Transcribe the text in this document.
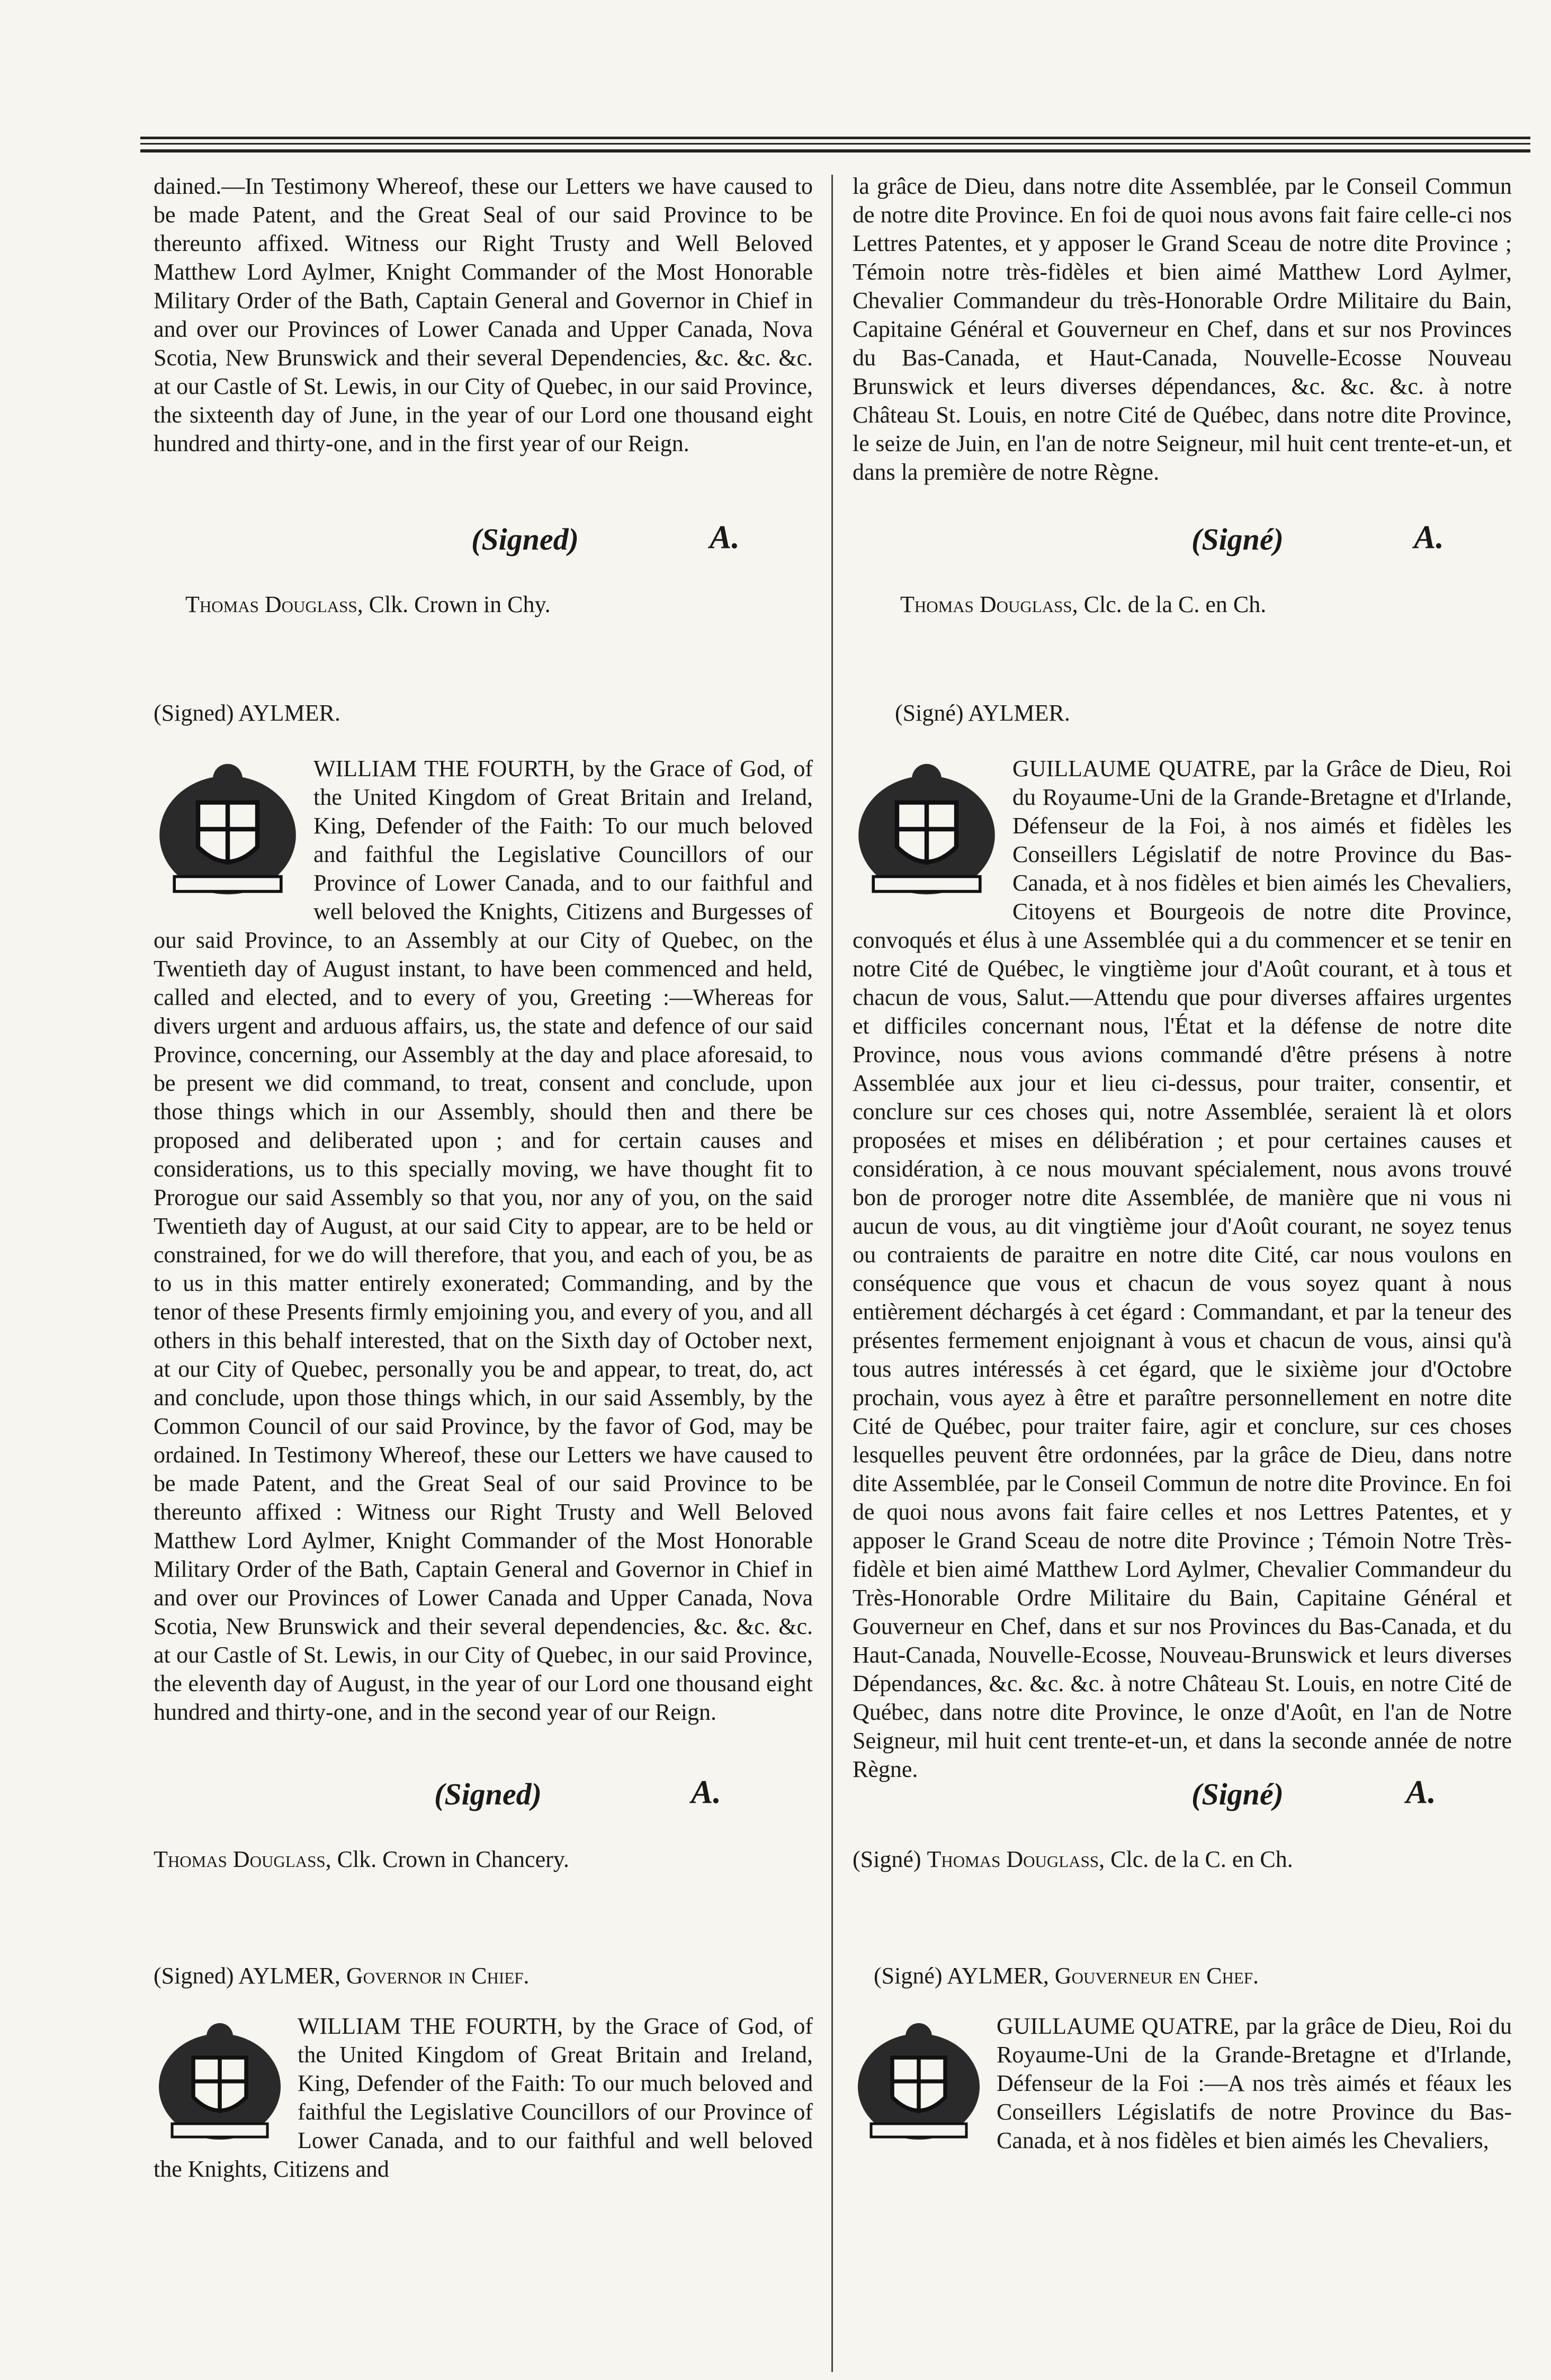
dained.—In Testimony Whereof, these our Letters we have caused to be made Patent, and the Great Seal of our said Province to be thereunto affixed. Witness our Right Trusty and Well Beloved Matthew Lord Aylmer, Knight Commander of the Most Honorable Military Order of the Bath, Captain General and Governor in Chief in and over our Provinces of Lower Canada and Upper Canada, Nova Scotia, New Brunswick and their several Dependencies, &c. &c. &c. at our Castle of St. Lewis, in our City of Quebec, in our said Province, the sixteenth day of June, in the year of our Lord one thousand eight hundred and thirty-one, and in the first year of our Reign.

(Signed)	A.
Thomas Douglass, Clk. Crown in Chy.
(Signed) AYLMER.

WILLIAM THE FOURTH, by the Grace of God, of the United Kingdom of Great Britain and Ireland, King, Defender of the Faith: To our much beloved and faithful the Legislative Councillors of our Province of Lower Canada, and to our faithful and well beloved the Knights, Citizens and Burgesses of our said Province, to an Assembly at our City of Quebec, on the Twentieth day of August instant, to have been commenced and held, called and elected, and to every of you, Greeting :—Whereas for divers urgent and arduous affairs, us, the state and defence of our said Province, concerning, our Assembly at the day and place aforesaid, to be present we did command, to treat, consent and conclude, upon those things which in our Assembly, should then and there be proposed and deliberated upon ; and for certain causes and considerations, us to this specially moving, we have thought fit to Prorogue our said Assembly so that you, nor any of you, on the said Twentieth day of August, at our said City to appear, are to be held or constrained, for we do will therefore, that you, and each of you, be as to us in this matter entirely exonerated; Commanding, and by the tenor of these Presents firmly emjoining you, and every of you, and all others in this behalf interested, that on the Sixth day of October next, at our City of Quebec, personally you be and appear, to treat, do, act and conclude, upon those things which, in our said Assembly, by the Common Council of our said Province, by the favor of God, may be ordained. In Testimony Whereof, these our Letters we have caused to be made Patent, and the Great Seal of our said Province to be thereunto affixed : Witness our Right Trusty and Well Beloved Matthew Lord Aylmer, Knight Commander of the Most Honorable Military Order of the Bath, Captain General and Governor in Chief in and over our Provinces of Lower Canada and Upper Canada, Nova Scotia, New Brunswick and their several dependencies, &c. &c. &c. at our Castle of St. Lewis, in our City of Quebec, in our said Province, the eleventh day of August, in the year of our Lord one thousand eight hundred and thirty-one, and in the second year of our Reign.

(Signed)	A.
Thomas Douglass, Clk. Crown in Chancery.
(Signed) AYLMER, Governor in Chief.

WILLIAM THE FOURTH, by the Grace of God, of the United Kingdom of Great Britain and Ireland, King, Defender of the Faith: To our much beloved and faithful the Legislative Councillors of our Province of Lower Canada, and to our faithful and well beloved the Knights, Citizens and

la grâce de Dieu, dans notre dite Assemblée, par le Conseil Commun de notre dite Province. En foi de quoi nous avons fait faire celle-ci nos Lettres Patentes, et y apposer le Grand Sceau de notre dite Province ; Témoin notre très-fidèles et bien aimé Matthew Lord Aylmer, Chevalier Commandeur du très-Honorable Ordre Militaire du Bain, Capitaine Général et Gouverneur en Chef, dans et sur nos Provinces du Bas-Canada, et Haut-Canada, Nouvelle-Ecosse Nouveau Brunswick et leurs diverses dépendances, &c. &c. &c. à notre Château St. Louis, en notre Cité de Québec, dans notre dite Province, le seize de Juin, en l'an de notre Seigneur, mil huit cent trente-et-un, et dans la première de notre Règne.

(Signé)	A.
Thomas Douglass, Clc. de la C. en Ch.
(Signé) AYLMER.

GUILLAUME QUATRE, par la Grâce de Dieu, Roi du Royaume-Uni de la Grande-Bretagne et d'Irlande, Défenseur de la Foi, à nos aimés et fidèles les Conseillers Législatif de notre Province du Bas-Canada, et à nos fidèles et bien aimés les Chevaliers, Citoyens et Bourgeois de notre dite Province, convoqués et élus à une Assemblée qui a du commencer et se tenir en notre Cité de Québec, le vingtième jour d'Août courant, et à tous et chacun de vous, Salut.—Attendu que pour diverses affaires urgentes et difficiles concernant nous, l'État et la défense de notre dite Province, nous vous avions commandé d'être présens à notre Assemblée aux jour et lieu ci-dessus, pour traiter, consentir, et conclure sur ces choses qui, notre Assemblée, seraient là et olors proposées et mises en délibération ; et pour certaines causes et considération, à ce nous mouvant spécialement, nous avons trouvé bon de proroger notre dite Assemblée, de manière que ni vous ni aucun de vous, au dit vingtième jour d'Août courant, ne soyez tenus ou contraients de paraitre en notre dite Cité, car nous voulons en conséquence que vous et chacun de vous soyez quant à nous entièrement déchargés à cet égard : Commandant, et par la teneur des présentes fermement enjoignant à vous et chacun de vous, ainsi qu'à tous autres intéressés à cet égard, que le sixième jour d'Octobre prochain, vous ayez à être et paraître personnellement en notre dite Cité de Québec, pour traiter faire, agir et conclure, sur ces choses lesquelles peuvent être ordonnées, par la grâce de Dieu, dans notre dite Assemblée, par le Conseil Commun de notre dite Province. En foi de quoi nous avons fait faire celles et nos Lettres Patentes, et y apposer le Grand Sceau de notre dite Province ; Témoin Notre Très-fidèle et bien aimé Matthew Lord Aylmer, Chevalier Commandeur du Très-Honorable Ordre Militaire du Bain, Capitaine Général et Gouverneur en Chef, dans et sur nos Provinces du Bas-Canada, et du Haut-Canada, Nouvelle-Ecosse, Nouveau-Brunswick et leurs diverses Dépendances, &c. &c. &c. à notre Château St. Louis, en notre Cité de Québec, dans notre dite Province, le onze d'Août, en l'an de Notre Seigneur, mil huit cent trente-et-un, et dans la seconde année de notre Règne.

(Signé)	A.
(Signé) Thomas Douglass, Clc. de la C. en Ch.
(Signé) AYLMER, Gouverneur en Chef.

GUILLAUME QUATRE, par la grâce de Dieu, Roi du Royaume-Uni de la Grande-Bretagne et d'Irlande, Défenseur de la Foi :—A nos très aimés et féaux les Conseillers Législatifs de notre Province du Bas-Canada, et à nos fidèles et bien aimés les Chevaliers,
